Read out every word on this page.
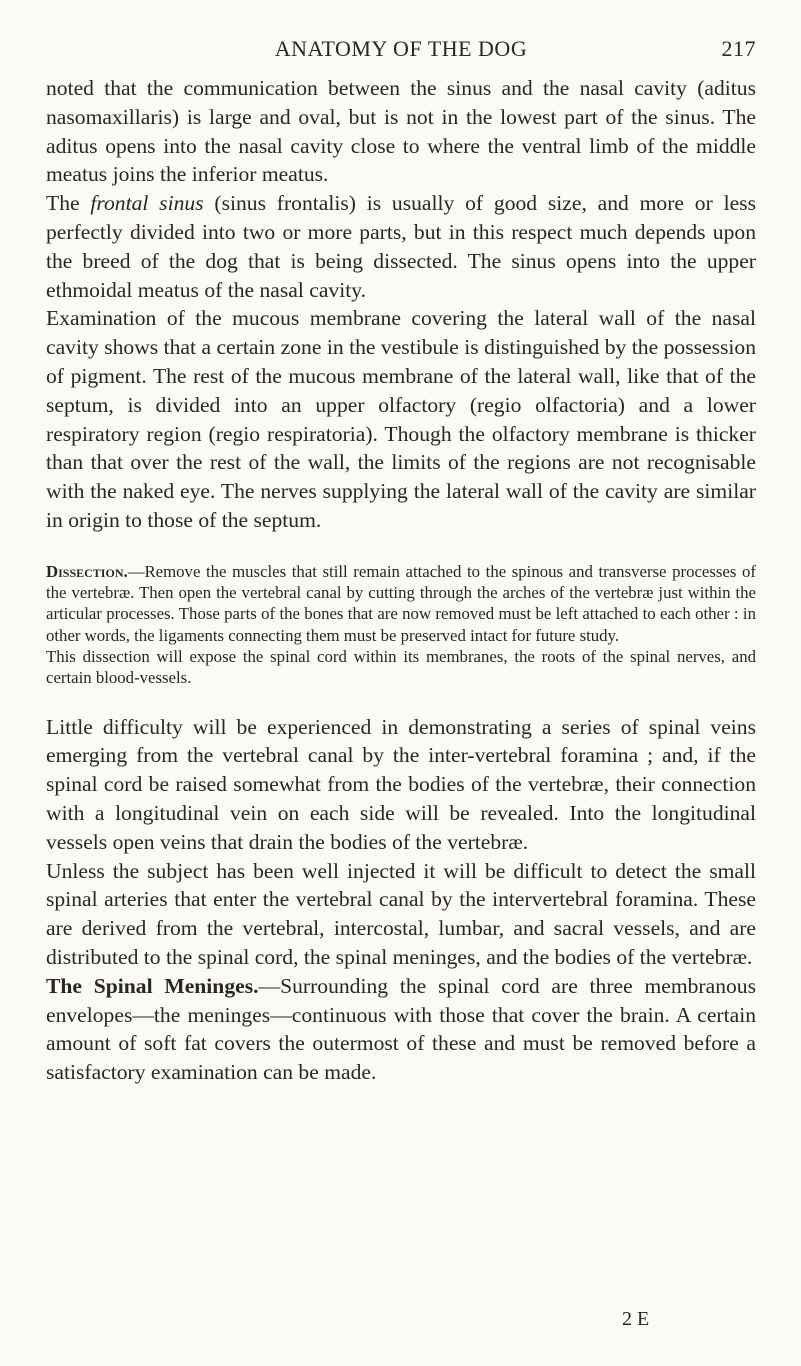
ANATOMY OF THE DOG	217

noted that the communication between the sinus and the nasal cavity (aditus nasomaxillaris) is large and oval, but is not in the lowest part of the sinus. The aditus opens into the nasal cavity close to where the ventral limb of the middle meatus joins the inferior meatus.

The frontal sinus (sinus frontalis) is usually of good size, and more or less perfectly divided into two or more parts, but in this respect much depends upon the breed of the dog that is being dissected. The sinus opens into the upper ethmoidal meatus of the nasal cavity.

Examination of the mucous membrane covering the lateral wall of the nasal cavity shows that a certain zone in the vestibule is distinguished by the possession of pigment. The rest of the mucous membrane of the lateral wall, like that of the septum, is divided into an upper olfactory (regio olfactoria) and a lower respiratory region (regio respiratoria). Though the olfactory membrane is thicker than that over the rest of the wall, the limits of the regions are not recognisable with the naked eye. The nerves supplying the lateral wall of the cavity are similar in origin to those of the septum.

Dissection.—Remove the muscles that still remain attached to the spinous and transverse processes of the vertebræ. Then open the vertebral canal by cutting through the arches of the vertebræ just within the articular processes. Those parts of the bones that are now removed must be left attached to each other : in other words, the ligaments connecting them must be preserved intact for future study.

This dissection will expose the spinal cord within its membranes, the roots of the spinal nerves, and certain blood-vessels.

Little difficulty will be experienced in demonstrating a series of spinal veins emerging from the vertebral canal by the inter-vertebral foramina ; and, if the spinal cord be raised somewhat from the bodies of the vertebræ, their connection with a longitudinal vein on each side will be revealed. Into the longitudinal vessels open veins that drain the bodies of the vertebræ.

Unless the subject has been well injected it will be difficult to detect the small spinal arteries that enter the vertebral canal by the intervertebral foramina. These are derived from the vertebral, intercostal, lumbar, and sacral vessels, and are distributed to the spinal cord, the spinal meninges, and the bodies of the vertebræ.

The Spinal Meninges.—Surrounding the spinal cord are three membranous envelopes—the meninges—continuous with those that cover the brain. A certain amount of soft fat covers the outermost of these and must be removed before a satisfactory examination can be made.

2 E
